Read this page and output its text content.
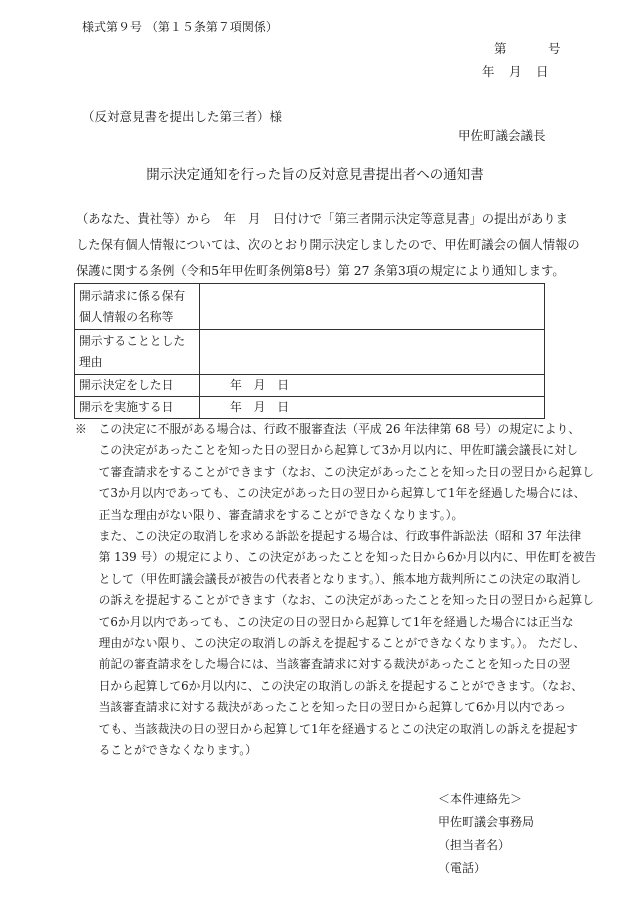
様式第９号 （第１５条第７項関係）
第　　　号
年　月　日
（反対意見書を提出した第三者）様
甲佐町議会議長
開示決定通知を行った旨の反対意見書提出者への通知書

（あなた、貴社等）から　年　月　日付けで「第三者開示決定等意見書」の提出がありま

した保有個人情報については、次のとおり開示決定しましたので、甲佐町議会の個人情報の

保護に関する条例（令和5年甲佐町条例第8号）第 27 条第3項の規定により通知します。

開示請求に係る保有
個人情報の名称等	

開示することとした
理由	

開示決定をした日	年　月　日
開示を実施する日	年　月　日

※　この決定に不服がある場合は、行政不服審査法（平成 26 年法律第 68 号）の規定により、

　　この決定があったことを知った日の翌日から起算して3か月以内に、甲佐町議会議長に対し

　　て審査請求をすることができます（なお、この決定があったことを知った日の翌日から起算し

　　て3か月以内であっても、この決定があった日の翌日から起算して1年を経過した場合には、

　　正当な理由がない限り、審査請求をすることができなくなります。）。

　　また、この決定の取消しを求める訴訟を提起する場合は、行政事件訴訟法（昭和 37 年法律

　　第 139 号）の規定により、この決定があったことを知った日から6か月以内に、甲佐町を被告

　　として（甲佐町議会議長が被告の代表者となります。）、熊本地方裁判所にこの決定の取消し

　　の訴えを提起することができます（なお、この決定があったことを知った日の翌日から起算し

　　て6か月以内であっても、この決定の日の翌日から起算して1年を経過した場合には正当な

　　理由がない限り、この決定の取消しの訴えを提起することができなくなります。）。 ただし、

　　前記の審査請求をした場合には、当該審査請求に対する裁決があったことを知った日の翌

　　日から起算して6か月以内に、この決定の取消しの訴えを提起することができます。（なお、

　　当該審査請求に対する裁決があったことを知った日の翌日から起算して6か月以内であっ

　　ても、当該裁決の日の翌日から起算して1年を経過するとこの決定の取消しの訴えを提起す

　　ることができなくなります。）

＜本件連絡先＞
甲佐町議会事務局
（担当者名）
（電話）
